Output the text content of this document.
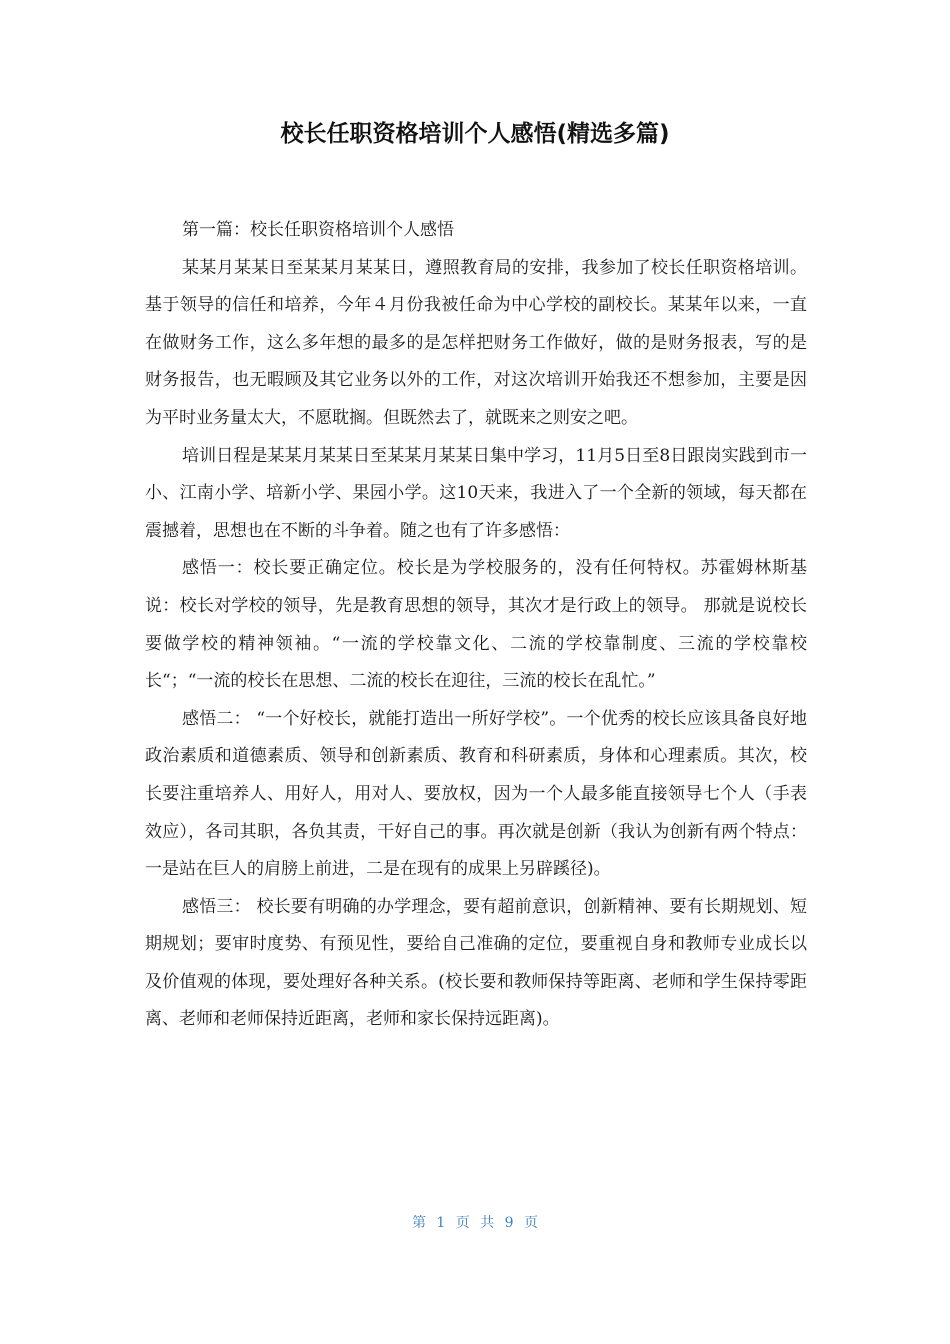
校长任职资格培训个人感悟(精选多篇)

第一篇：校长任职资格培训个人感悟

某某月某某日至某某月某某日，遵照教育局的安排，我参加了校长任职资格培训。基于领导的信任和培养，今年４月份我被任命为中心学校的副校长。某某年以来，一直在做财务工作，这么多年想的最多的是怎样把财务工作做好，做的是财务报表，写的是财务报告，也无暇顾及其它业务以外的工作，对这次培训开始我还不想参加，主要是因为平时业务量太大，不愿耽搁。但既然去了，就既来之则安之吧。

培训日程是某某月某某日至某某月某某日集中学习，11月5日至8日跟岗实践到市一小、江南小学、培新小学、果园小学。这10天来，我进入了一个全新的领域，每天都在震撼着，思想也在不断的斗争着。随之也有了许多感悟：

感悟一：校长要正确定位。校长是为学校服务的，没有任何特权。苏霍姆林斯基说：校长对学校的领导，先是教育思想的领导，其次才是行政上的领导。 那就是说校长要做学校的精神领袖。“一流的学校靠文化、二流的学校靠制度、三流的学校靠校长“；“一流的校长在思想、二流的校长在迎往，三流的校长在乱忙。”

感悟二： “一个好校长，就能打造出一所好学校”。一个优秀的校长应该具备良好地政治素质和道德素质、领导和创新素质、教育和科研素质，身体和心理素质。其次，校长要注重培养人、用好人，用对人、要放权，因为一个人最多能直接领导七个人（手表效应），各司其职，各负其责，干好自己的事。再次就是创新（我认为创新有两个特点：一是站在巨人的肩膀上前进，二是在现有的成果上另辟蹊径)。

感悟三： 校长要有明确的办学理念，要有超前意识，创新精神、要有长期规划、短期规划；要审时度势、有预见性，要给自己准确的定位，要重视自身和教师专业成长以及价值观的体现，要处理好各种关系。(校长要和教师保持等距离、老师和学生保持零距离、老师和老师保持近距离，老师和家长保持远距离)。

第 1 页 共 9 页
